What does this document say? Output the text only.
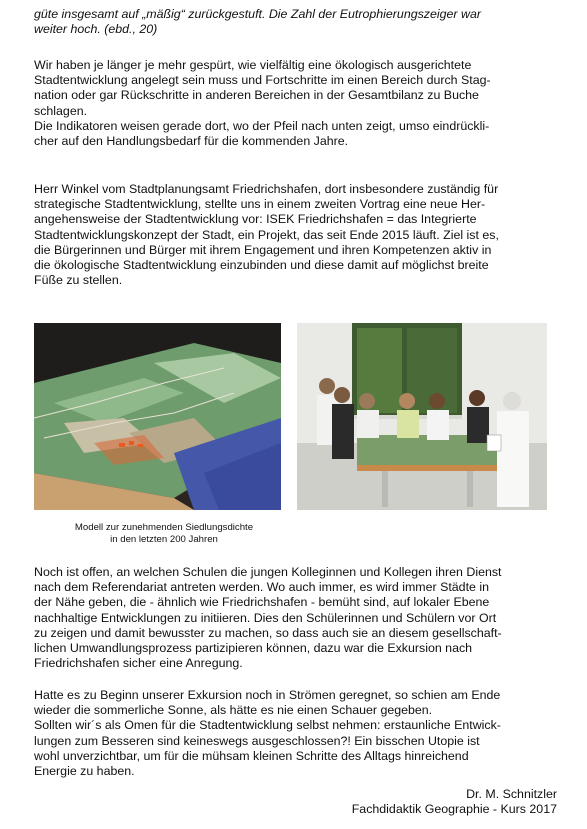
güte insgesamt auf „mäßig“ zurückgestuft. Die Zahl der Eutrophierungszeiger war
weiter hoch. (ebd., 20)
Wir haben je länger je mehr gespürt, wie vielfältig eine ökologisch ausgerichtete
Stadtentwicklung angelegt sein muss und Fortschritte im einen Bereich durch Stag-
nation oder gar Rückschritte in anderen Bereichen in der Gesamtbilanz zu Buche
schlagen.
Die Indikatoren weisen gerade dort, wo der Pfeil nach unten zeigt, umso eindrückli-
cher auf den Handlungsbedarf für die kommenden Jahre.
Herr Winkel vom Stadtplanungsamt Friedrichshafen, dort insbesondere zuständig für
strategische Stadtentwicklung, stellte uns in einem zweiten Vortrag eine neue Her-
angehensweise der Stadtentwicklung vor: ISEK Friedrichshafen = das Integrierte
Stadtentwicklungskonzept der Stadt, ein Projekt, das seit Ende 2015 läuft. Ziel ist es,
die Bürgerinnen und Bürger mit ihrem Engagement und ihren Kompetenzen aktiv in
die ökologische Stadtentwicklung einzubinden und diese damit auf möglichst breite
Füße zu stellen.
Modell zur zunehmenden Siedlungsdichte
in den letzten 200 Jahren
Noch ist offen, an welchen Schulen die jungen Kolleginnen und Kollegen ihren Dienst
nach dem Referendariat antreten werden. Wo auch immer, es wird immer Städte in
der Nähe geben, die - ähnlich wie Friedrichshafen - bemüht sind, auf lokaler Ebene
nachhaltige Entwicklungen zu initiieren. Dies den Schülerinnen und Schülern vor Ort
zu zeigen und damit bewusster zu machen, so dass auch sie an diesem gesellschaft-
lichen Umwandlungsprozess partizipieren können, dazu war die Exkursion nach
Friedrichshafen sicher eine Anregung.
Hatte es zu Beginn unserer Exkursion noch in Strömen geregnet, so schien am Ende
wieder die sommerliche Sonne, als hätte es nie einen Schauer gegeben.
Sollten wir´s als Omen für die Stadtentwicklung selbst nehmen: erstaunliche Entwick-
lungen zum Besseren sind keineswegs ausgeschlossen?! Ein bisschen Utopie ist
wohl unverzichtbar, um für die mühsam kleinen Schritte des Alltags hinreichend
Energie zu haben.
Dr. M. Schnitzler
Fachdidaktik Geographie - Kurs 2017
